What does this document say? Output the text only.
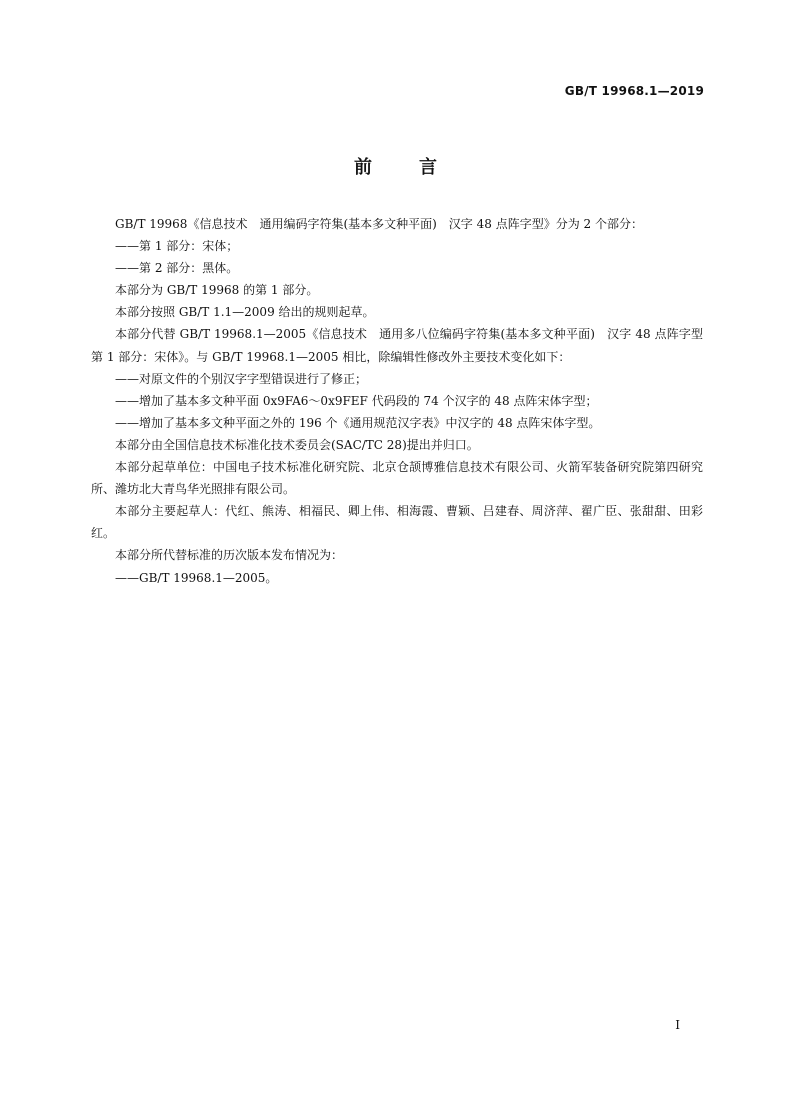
GB/T 19968.1—2019
前	言

GB/T 19968《信息技术　通用编码字符集(基本多文种平面)　汉字 48 点阵字型》分为 2 个部分：

——第 1 部分：宋体；

——第 2 部分：黑体。

本部分为 GB/T 19968 的第 1 部分。

本部分按照 GB/T 1.1—2009 给出的规则起草。

本部分代替 GB/T 19968.1—2005《信息技术　通用多八位编码字符集(基本多文种平面)　汉字 48 点阵字型　第 1 部分：宋体》。与 GB/T 19968.1—2005 相比，除编辑性修改外主要技术变化如下：

——对原文件的个别汉字字型错误进行了修正；

——增加了基本多文种平面 0x9FA6～0x9FEF 代码段的 74 个汉字的 48 点阵宋体字型；

——增加了基本多文种平面之外的 196 个《通用规范汉字表》中汉字的 48 点阵宋体字型。

本部分由全国信息技术标准化技术委员会(SAC/TC 28)提出并归口。

本部分起草单位：中国电子技术标准化研究院、北京仓颉博雅信息技术有限公司、火箭军装备研究院第四研究所、潍坊北大青鸟华光照排有限公司。

本部分主要起草人：代红、熊涛、相福民、卿上伟、相海霞、曹颖、吕建春、周济萍、翟广臣、张甜甜、田彩红。

本部分所代替标准的历次版本发布情况为：

——GB/T 19968.1—2005。

I
